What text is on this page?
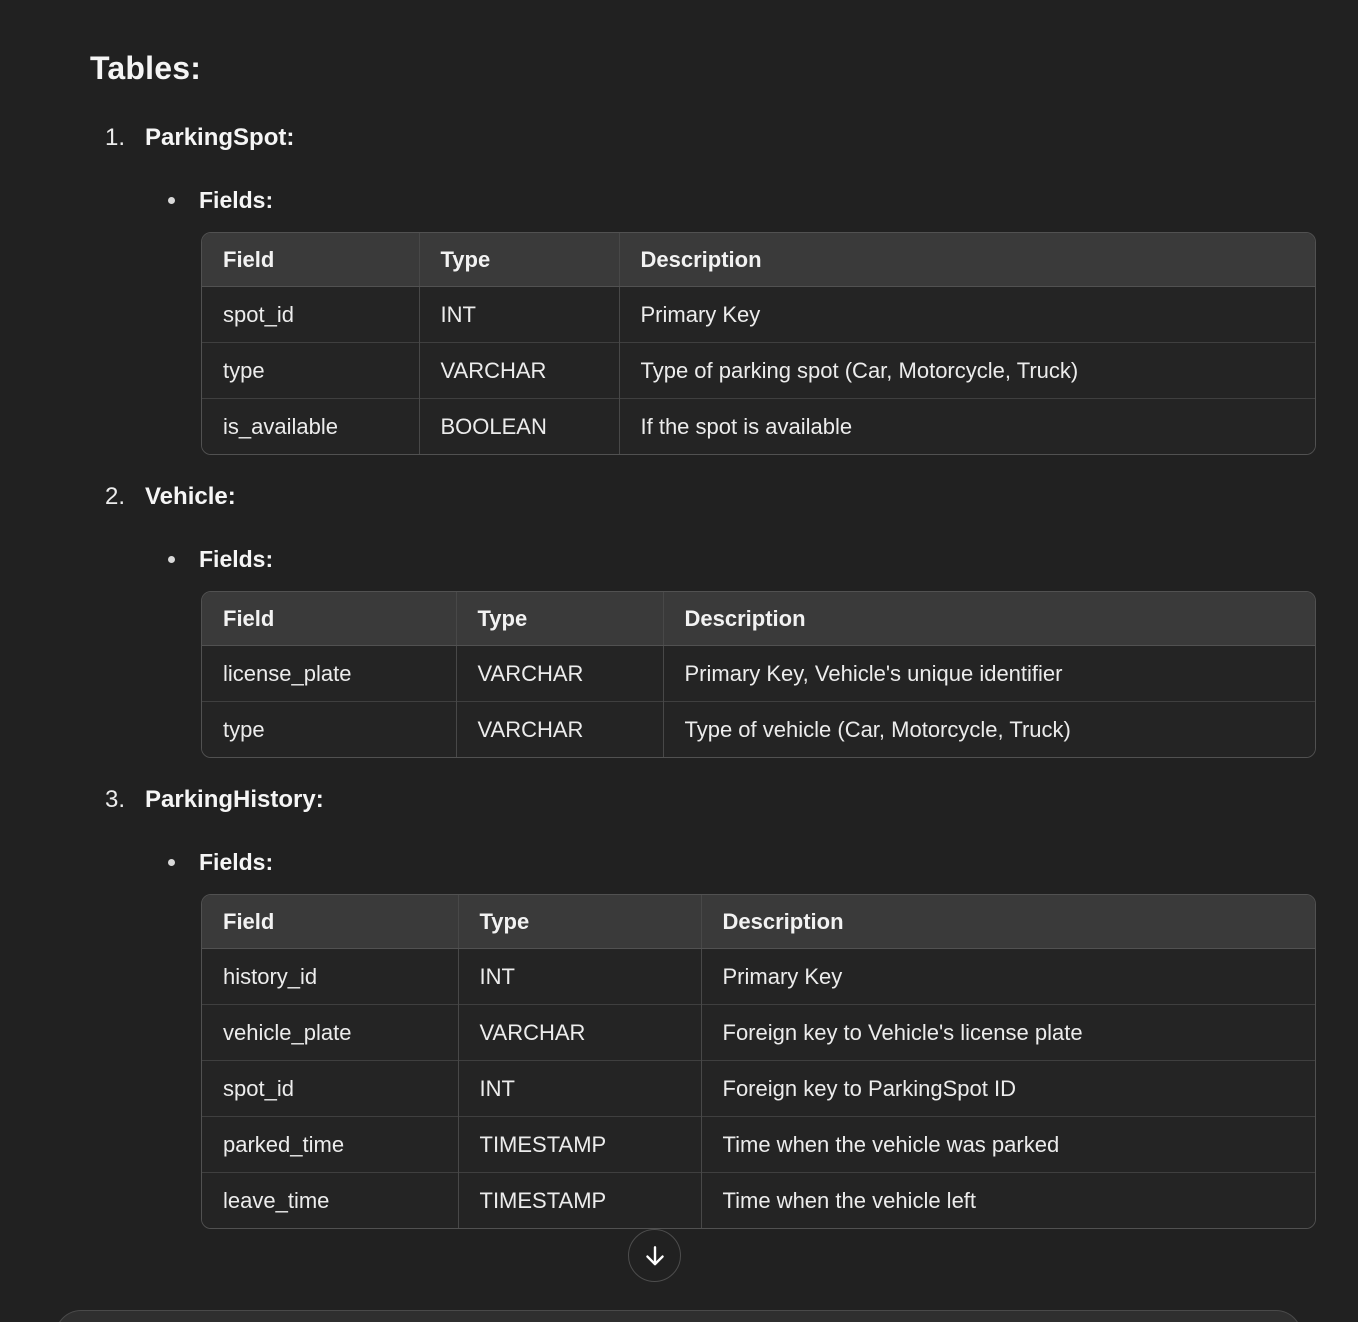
Tables:
1. ParkingSpot:
Fields:
Field	Type	Description
spot_id	INT	Primary Key
type	VARCHAR	Type of parking spot (Car, Motorcycle, Truck)
is_available	BOOLEAN	If the spot is available
2. Vehicle:
Fields:
Field	Type	Description
license_plate	VARCHAR	Primary Key, Vehicle's unique identifier
type	VARCHAR	Type of vehicle (Car, Motorcycle, Truck)
3. ParkingHistory:
Fields:
Field	Type	Description
history_id	INT	Primary Key
vehicle_plate	VARCHAR	Foreign key to Vehicle's license plate
spot_id	INT	Foreign key to ParkingSpot ID
parked_time	TIMESTAMP	Time when the vehicle was parked
leave_time	TIMESTAMP	Time when the vehicle left
